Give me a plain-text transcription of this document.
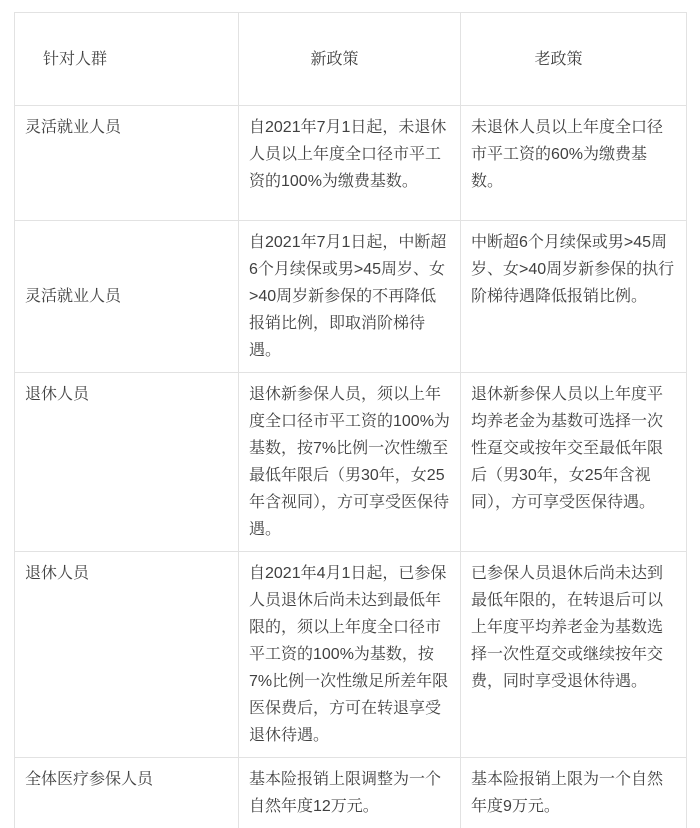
针对人群	新政策	老政策
灵活就业人员	自2021年7月1日起，未退休人员以上年度全口径市平工资的100%为缴费基数。	未退休人员以上年度全口径市平工资的60%为缴费基数。
灵活就业人员	自2021年7月1日起，中断超6个月续保或男>45周岁、女>40周岁新参保的不再降低报销比例，即取消阶梯待遇。	中断超6个月续保或男>45周岁、女>40周岁新参保的执行阶梯待遇降低报销比例。
退休人员	退休新参保人员，须以上年度全口径市平工资的100%为基数，按7%比例一次性缴至最低年限后（男30年，女25年含视同），方可享受医保待遇。	退休新参保人员以上年度平均养老金为基数可选择一次性趸交或按年交至最低年限后（男30年，女25年含视同），方可享受医保待遇。
退休人员	自2021年4月1日起，已参保人员退休后尚未达到最低年限的，须以上年度全口径市平工资的100%为基数，按7%比例一次性缴足所差年限医保费后，方可在转退享受退休待遇。	已参保人员退休后尚未达到最低年限的，在转退后可以上年度平均养老金为基数选择一次性趸交或继续按年交费，同时享受退休待遇。
全体医疗参保人员	基本险报销上限调整为一个自然年度12万元。	基本险报销上限为一个自然年度9万元。
